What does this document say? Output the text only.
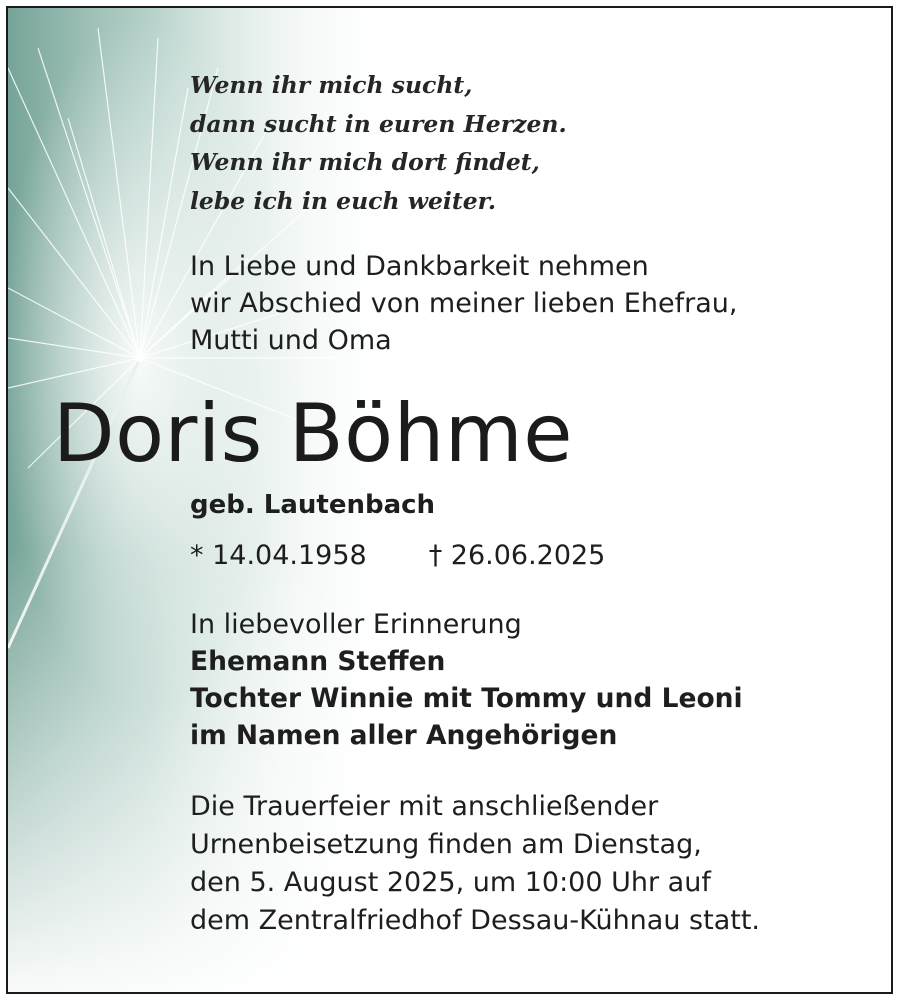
Wenn ihr mich sucht,
dann sucht in euren Herzen.
Wenn ihr mich dort findet,
lebe ich in euch weiter.
In Liebe und Dankbarkeit nehmen
wir Abschied von meiner lieben Ehefrau,
Mutti und Oma
Doris Böhme
geb. Lautenbach
* 14.04.1958 † 26.06.2025
In liebevoller Erinnerung
Ehemann Steffen
Tochter Winnie mit Tommy und Leoni
im Namen aller Angehörigen
Die Trauerfeier mit anschließender
Urnenbeisetzung finden am Dienstag,
den 5. August 2025, um 10:00 Uhr auf
dem Zentralfriedhof Dessau-Kühnau statt.
